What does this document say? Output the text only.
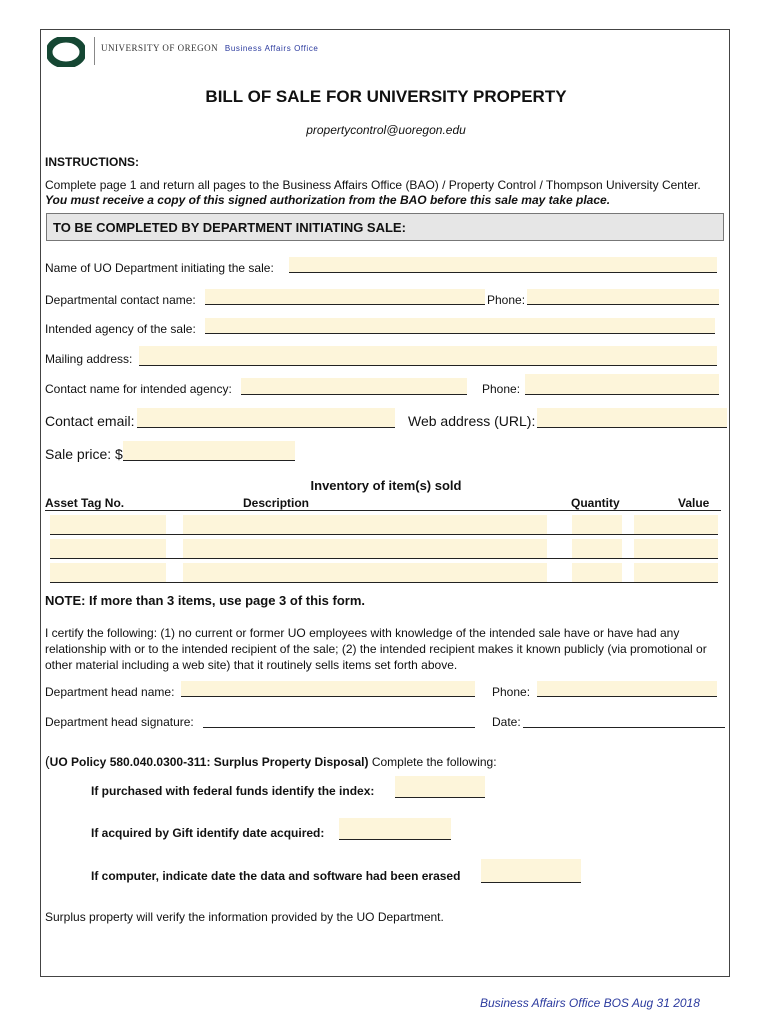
UNIVERSITY OF OREGON Business Affairs Office
BILL OF SALE FOR UNIVERSITY PROPERTY
propertycontrol@uoregon.edu
INSTRUCTIONS:
Complete page 1 and return all pages to the Business Affairs Office (BAO) / Property Control / Thompson University Center. You must receive a copy of this signed authorization from the BAO before this sale may take place.
TO BE COMPLETED BY DEPARTMENT INITIATING SALE:
Name of UO Department initiating the sale:
Departmental contact name:	Phone:
Intended agency of the sale:
Mailing address:
Contact name for intended agency:	Phone:
Contact email:	Web address (URL):
Sale price: $
Inventory of item(s) sold
Asset Tag No.	Description	Quantity	Value
NOTE: If more than 3 items, use page 3 of this form.
I certify the following: (1) no current or former UO employees with knowledge of the intended sale have or have had any relationship with or to the intended recipient of the sale; (2) the intended recipient makes it known publicly (via promotional or other material including a web site) that it routinely sells items set forth above.
Department head name:	Phone:
Department head signature:	Date:
(UO Policy 580.040.0300-311: Surplus Property Disposal) Complete the following:
If purchased with federal funds identify the index:
If acquired by Gift identify date acquired:
If computer, indicate date the data and software had been erased
Surplus property will verify the information provided by the UO Department.
Business Affairs Office BOS Aug 31 2018
